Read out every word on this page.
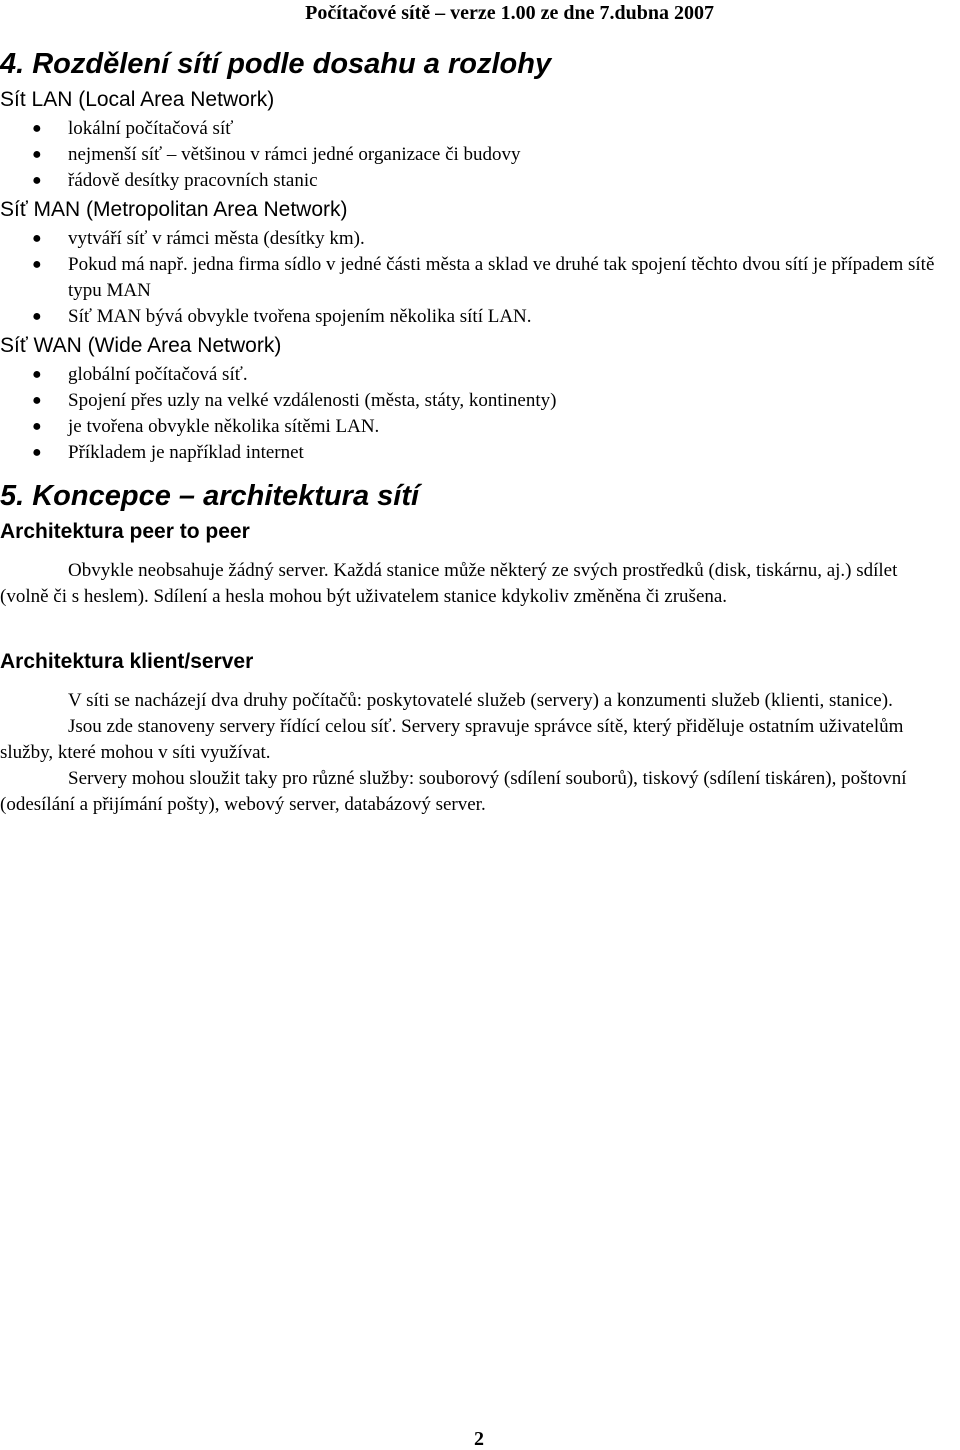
Počítačové sítě – verze 1.00 ze dne 7.dubna 2007
4. Rozdělení sítí podle dosahu a rozlohy
Sít LAN (Local Area Network)
● lokální počítačová síť
● nejmenší síť – většinou v rámci jedné organizace či budovy
● řádově desítky pracovních stanic
Síť MAN (Metropolitan Area Network)
● vytváří síť v rámci města (desítky km).
● Pokud má např. jedna firma sídlo v jedné části města a sklad ve druhé tak spojení těchto dvou sítí je případem sítě typu MAN
● Síť MAN bývá obvykle tvořena spojením několika sítí LAN.
Síť WAN (Wide Area Network)
● globální počítačová síť.
● Spojení přes uzly na velké vzdálenosti (města, státy, kontinenty)
● je tvořena obvykle několika sítěmi LAN.
● Příkladem je například internet
5. Koncepce – architektura sítí
Architektura peer to peer

Obvykle neobsahuje žádný server. Každá stanice může některý ze svých prostředků (disk, tiskárnu, aj.) sdílet (volně či s heslem). Sdílení a hesla mohou být uživatelem stanice kdykoliv změněna či zrušena.

Architektura klient/server

V síti se nacházejí dva druhy počítačů: poskytovatelé služeb (servery) a konzumenti služeb (klienti, stanice).

Jsou zde stanoveny servery řídící celou síť. Servery spravuje správce sítě, který přiděluje ostatním uživatelům služby, které mohou v síti využívat.

Servery mohou sloužit taky pro různé služby: souborový (sdílení souborů), tiskový (sdílení tiskáren), poštovní (odesílání a přijímání pošty), webový server, databázový server.

2
